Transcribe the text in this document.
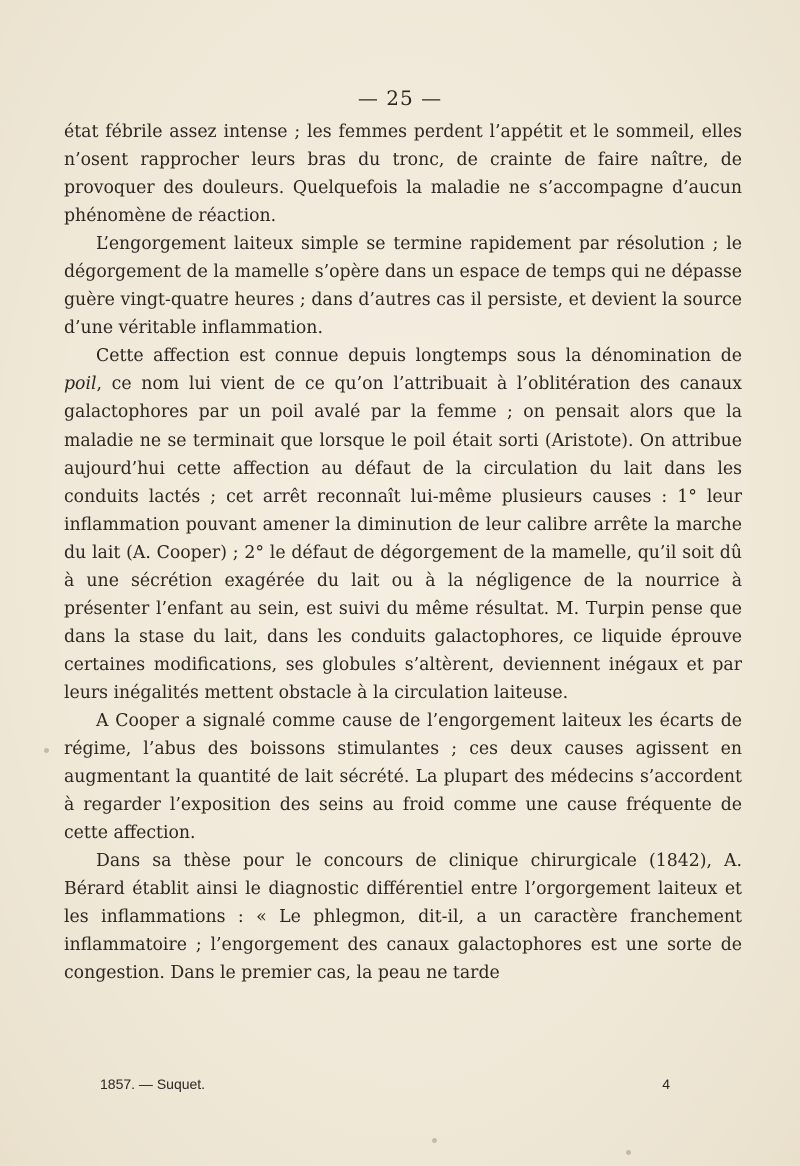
— 25 —

état fébrile assez intense ; les femmes perdent l’appétit et le sommeil, elles n’osent rapprocher leurs bras du tronc, de crainte de faire naître, de provoquer des douleurs. Quelquefois la maladie ne s’accompagne d’aucun phénomène de réaction.

L’engorgement laiteux simple se termine rapidement par résolution ; le dégorgement de la mamelle s’opère dans un espace de temps qui ne dépasse guère vingt-quatre heures ; dans d’autres cas il persiste, et devient la source d’une véritable inflammation.

Cette affection est connue depuis longtemps sous la dénomination de poil, ce nom lui vient de ce qu’on l’attribuait à l’oblitération des canaux galactophores par un poil avalé par la femme ; on pensait alors que la maladie ne se terminait que lorsque le poil était sorti (Aristote). On attribue aujourd’hui cette affection au défaut de la circulation du lait dans les conduits lactés ; cet arrêt reconnaît lui-même plusieurs causes : 1° leur inflammation pouvant amener la diminution de leur calibre arrête la marche du lait (A. Cooper) ; 2° le défaut de dégorgement de la mamelle, qu’il soit dû à une sécrétion exagérée du lait ou à la négligence de la nourrice à présenter l’enfant au sein, est suivi du même résultat. M. Turpin pense que dans la stase du lait, dans les conduits galactophores, ce liquide éprouve certaines modifications, ses globules s’altèrent, deviennent inégaux et par leurs inégalités mettent obstacle à la circulation laiteuse.

A Cooper a signalé comme cause de l’engorgement laiteux les écarts de régime, l’abus des boissons stimulantes ; ces deux causes agissent en augmentant la quantité de lait sécrété. La plupart des médecins s’accordent à regarder l’exposition des seins au froid comme une cause fréquente de cette affection.

Dans sa thèse pour le concours de clinique chirurgicale (1842), A. Bérard établit ainsi le diagnostic différentiel entre l’orgorgement laiteux et les inflammations : « Le phlegmon, dit-il, a un caractère franchement inflammatoire ; l’engorgement des canaux galactophores est une sorte de congestion. Dans le premier cas, la peau ne tarde

1857. — Suquet.	4
